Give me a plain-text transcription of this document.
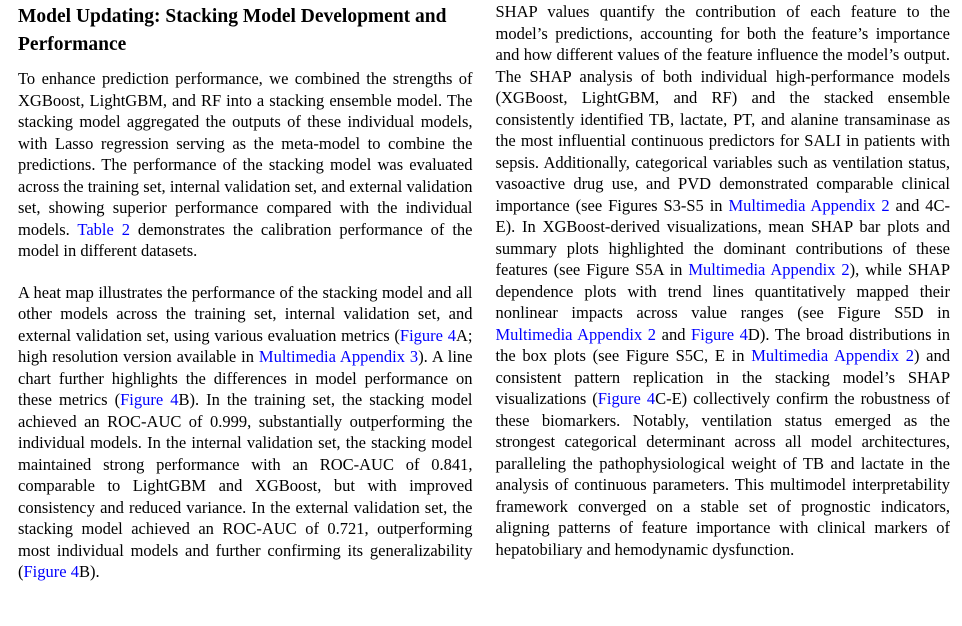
Model Updating: Stacking Model Development and Performance

To enhance prediction performance, we combined the strengths of XGBoost, LightGBM, and RF into a stacking ensemble model. The stacking model aggregated the outputs of these individual models, with Lasso regression serving as the meta-model to combine the predictions. The performance of the stacking model was evaluated across the training set, internal validation set, and external validation set, showing superior performance compared with the individual models. Table 2 demonstrates the calibration performance of the model in different datasets.

A heat map illustrates the performance of the stacking model and all other models across the training set, internal validation set, and external validation set, using various evaluation metrics (Figure 4A; high resolution version available in Multimedia Appendix 3). A line chart further highlights the differences in model performance on these metrics (Figure 4B). In the training set, the stacking model achieved an ROC-AUC of 0.999, substantially outperforming the individual models. In the internal validation set, the stacking model maintained strong performance with an ROC-AUC of 0.841, comparable to LightGBM and XGBoost, but with improved consistency and reduced variance. In the external validation set, the stacking model achieved an ROC-AUC of 0.721, outperforming most individual models and further confirming its generalizability (Figure 4B).

SHAP values quantify the contribution of each feature to the model’s predictions, accounting for both the feature’s importance and how different values of the feature influence the model’s output. The SHAP analysis of both individual high-performance models (XGBoost, LightGBM, and RF) and the stacked ensemble consistently identified TB, lactate, PT, and alanine transaminase as the most influential continuous predictors for SALI in patients with sepsis. Additionally, categorical variables such as ventilation status, vasoactive drug use, and PVD demonstrated comparable clinical importance (see Figures S3-S5 in Multimedia Appendix 2 and 4C-E). In XGBoost-derived visualizations, mean SHAP bar plots and summary plots highlighted the dominant contributions of these features (see Figure S5A in Multimedia Appendix 2), while SHAP dependence plots with trend lines quantitatively mapped their nonlinear impacts across value ranges (see Figure S5D in Multimedia Appendix 2 and Figure 4D). The broad distributions in the box plots (see Figure S5C, E in Multimedia Appendix 2) and consistent pattern replication in the stacking model’s SHAP visualizations (Figure 4C-E) collectively confirm the robustness of these biomarkers. Notably, ventilation status emerged as the strongest categorical determinant across all model architectures, paralleling the pathophysiological weight of TB and lactate in the analysis of continuous parameters. This multimodel interpretability framework converged on a stable set of prognostic indicators, aligning patterns of feature importance with clinical markers of hepatobiliary and hemodynamic dysfunction.
